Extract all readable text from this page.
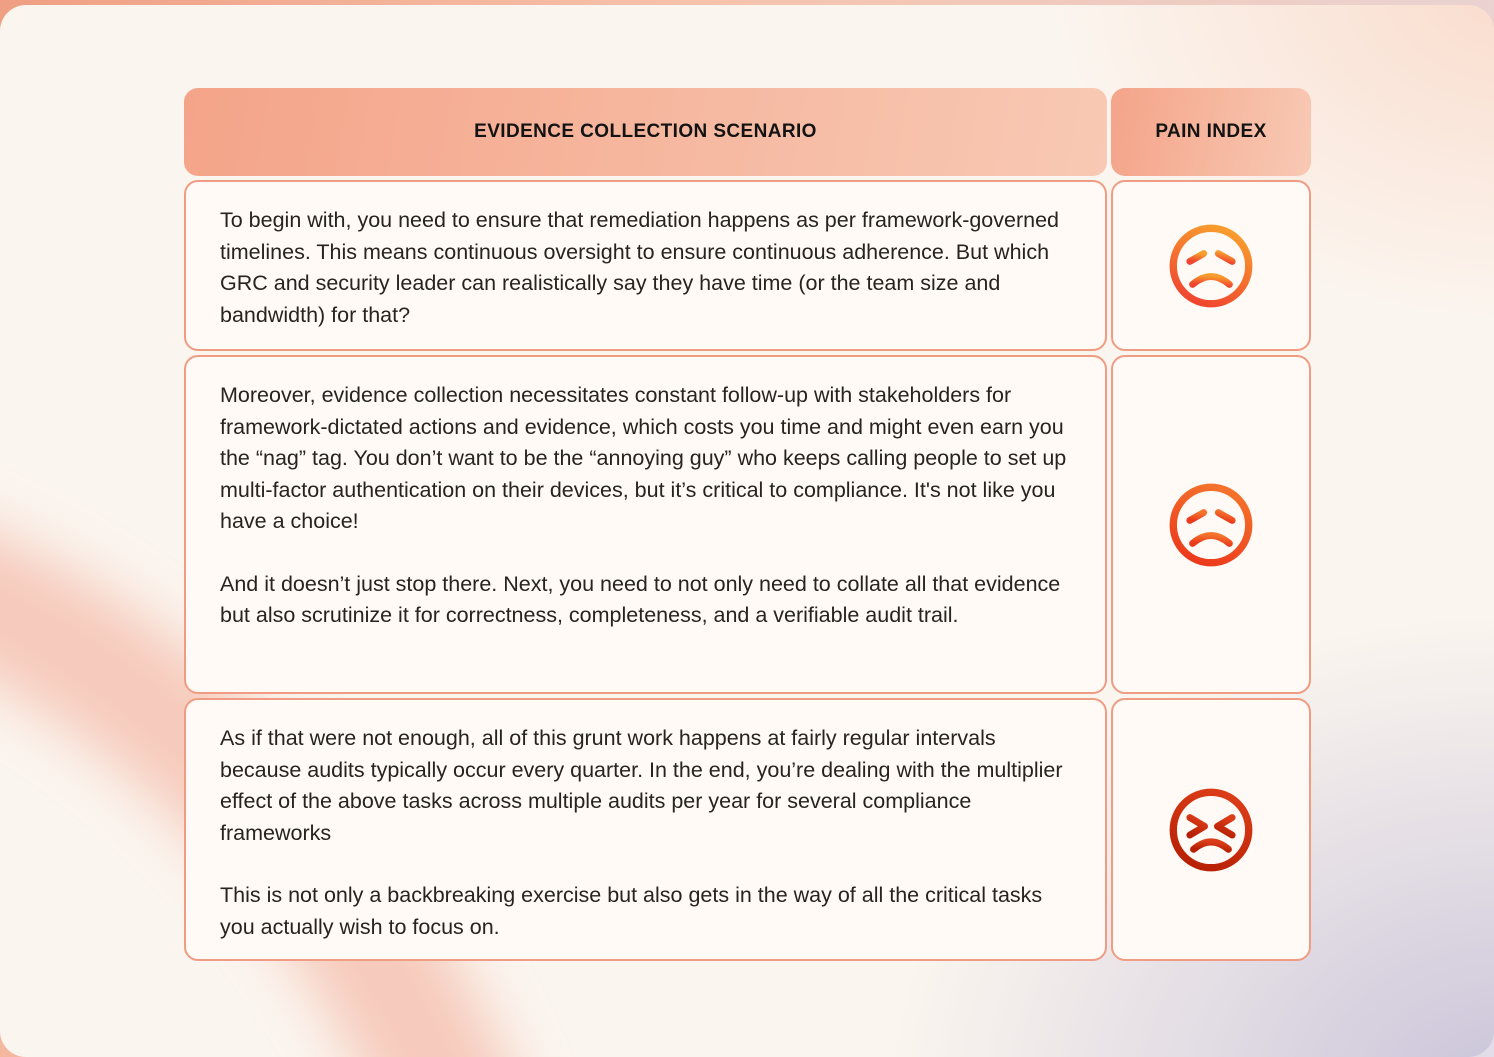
EVIDENCE COLLECTION SCENARIO	PAIN INDEX

To begin with, you need to ensure that remediation happens as per framework-governed timelines. This means continuous oversight to ensure continuous adherence. But which GRC and security leader can realistically say they have time (or the team size and bandwidth) for that?

Moreover, evidence collection necessitates constant follow-up with stakeholders for framework-dictated actions and evidence, which costs you time and might even earn you the “nag” tag. You don’t want to be the “annoying guy” who keeps calling people to set up multi-factor authentication on their devices, but it’s critical to compliance. It's not like you have a choice!

And it doesn’t just stop there. Next, you need to not only need to collate all that evidence but also scrutinize it for correctness, completeness, and a verifiable audit trail.

As if that were not enough, all of this grunt work happens at fairly regular intervals because audits typically occur every quarter. In the end, you’re dealing with the multiplier effect of the above tasks across multiple audits per year for several compliance frameworks

This is not only a backbreaking exercise but also gets in the way of all the critical tasks you actually wish to focus on.
